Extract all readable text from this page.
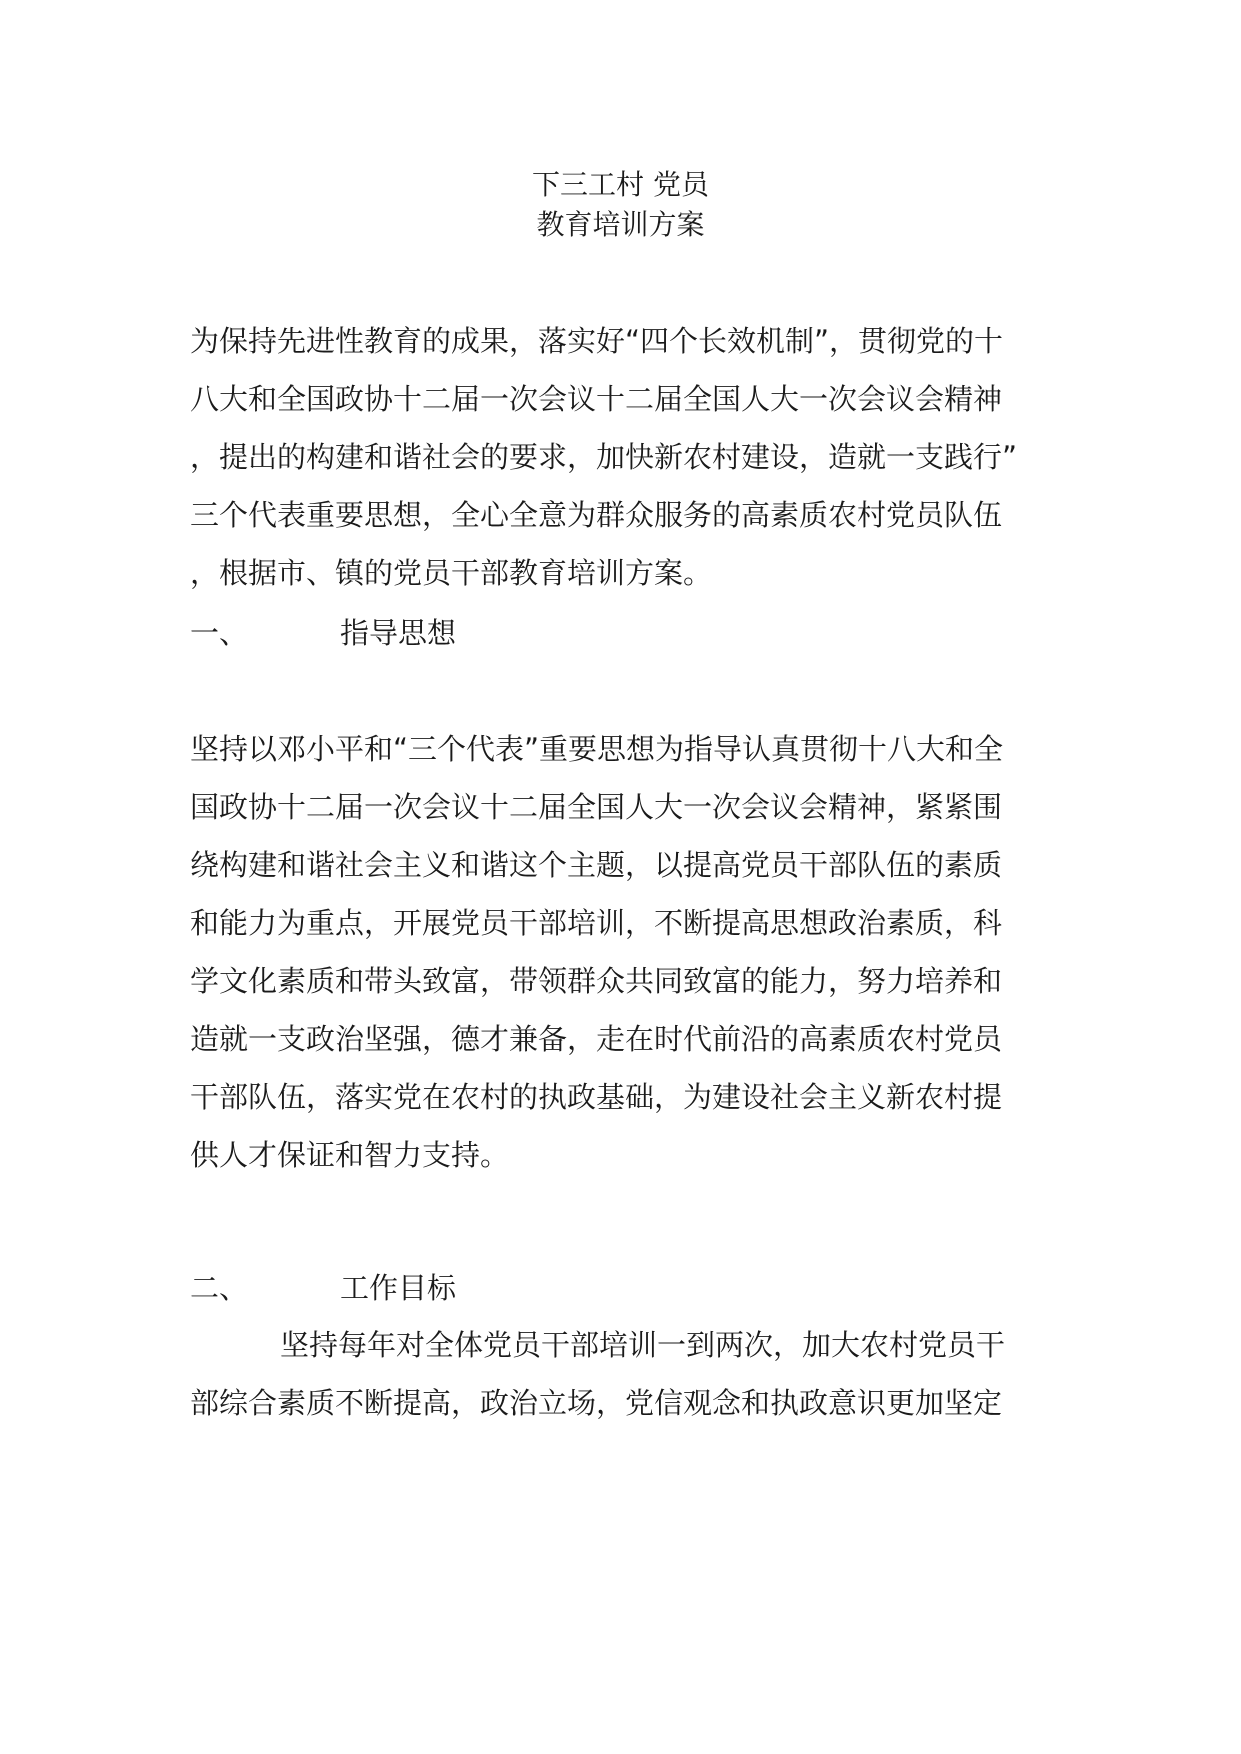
下三工村 党员
教育培训方案
为保持先进性教育的成果，落实好“四个长效机制”，贯彻党的十
八大和全国政协十二届一次会议十二届全国人大一次会议会精神
，提出的构建和谐社会的要求，加快新农村建设，造就一支践行”
三个代表重要思想，全心全意为群众服务的高素质农村党员队伍
，根据市、镇的党员干部教育培训方案。
一、	指导思想
坚持以邓小平和“三个代表”重要思想为指导认真贯彻十八大和全
国政协十二届一次会议十二届全国人大一次会议会精神，紧紧围
绕构建和谐社会主义和谐这个主题，以提高党员干部队伍的素质
和能力为重点，开展党员干部培训，不断提高思想政治素质，科
学文化素质和带头致富，带领群众共同致富的能力，努力培养和
造就一支政治坚强，德才兼备，走在时代前沿的高素质农村党员
干部队伍，落实党在农村的执政基础，为建设社会主义新农村提
供人才保证和智力支持。
二、	工作目标
坚持每年对全体党员干部培训一到两次，加大农村党员干
部综合素质不断提高，政治立场，党信观念和执政意识更加坚定
